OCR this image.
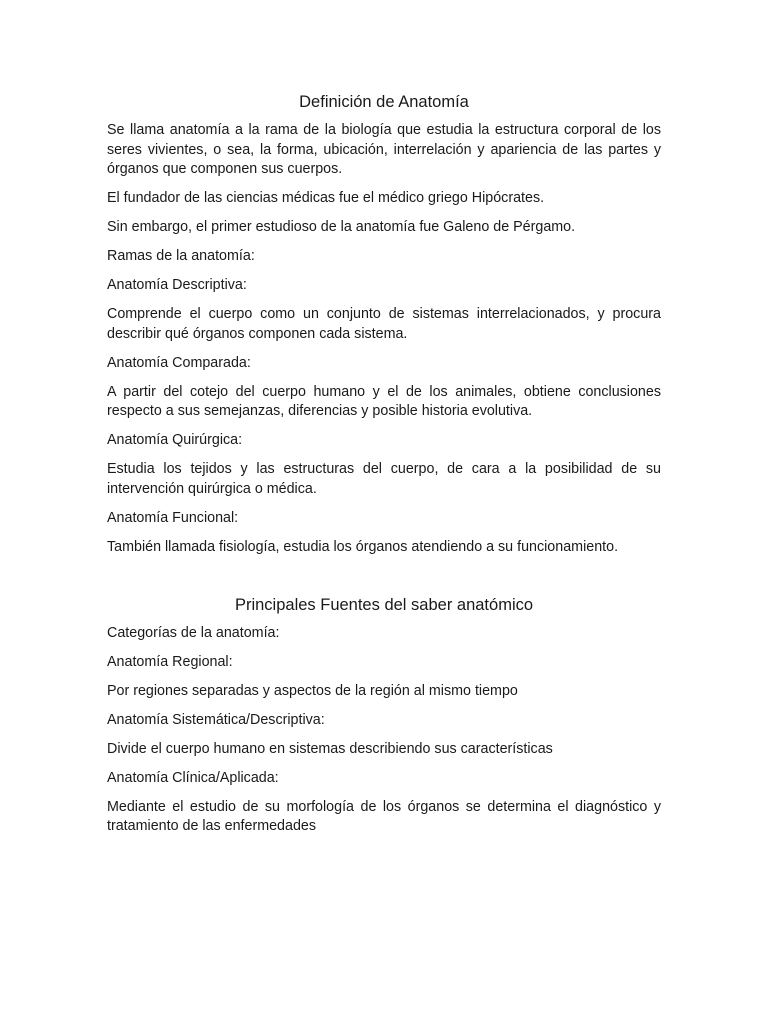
Definición de Anatomía

Se llama anatomía a la rama de la biología que estudia la estructura corporal de los seres vivientes, o sea, la forma, ubicación, interrelación y apariencia de las partes y órganos que componen sus cuerpos.

El fundador de las ciencias médicas fue el médico griego Hipócrates.

Sin embargo, el primer estudioso de la anatomía fue Galeno de Pérgamo.

Ramas de la anatomía:

Anatomía Descriptiva:

Comprende el cuerpo como un conjunto de sistemas interrelacionados, y procura describir qué órganos componen cada sistema.

Anatomía Comparada:

A partir del cotejo del cuerpo humano y el de los animales, obtiene conclusiones respecto a sus semejanzas, diferencias y posible historia evolutiva.

Anatomía Quirúrgica:

Estudia los tejidos y las estructuras del cuerpo, de cara a la posibilidad de su intervención quirúrgica o médica.

Anatomía Funcional:

También llamada fisiología, estudia los órganos atendiendo a su funcionamiento.

Principales Fuentes del saber anatómico

Categorías de la anatomía:

Anatomía Regional:

Por regiones separadas y aspectos de la región al mismo tiempo

Anatomía Sistemática/Descriptiva:

Divide el cuerpo humano en sistemas describiendo sus características

Anatomía Clínica/Aplicada:

Mediante el estudio de su morfología de los órganos se determina el diagnóstico y tratamiento de las enfermedades
